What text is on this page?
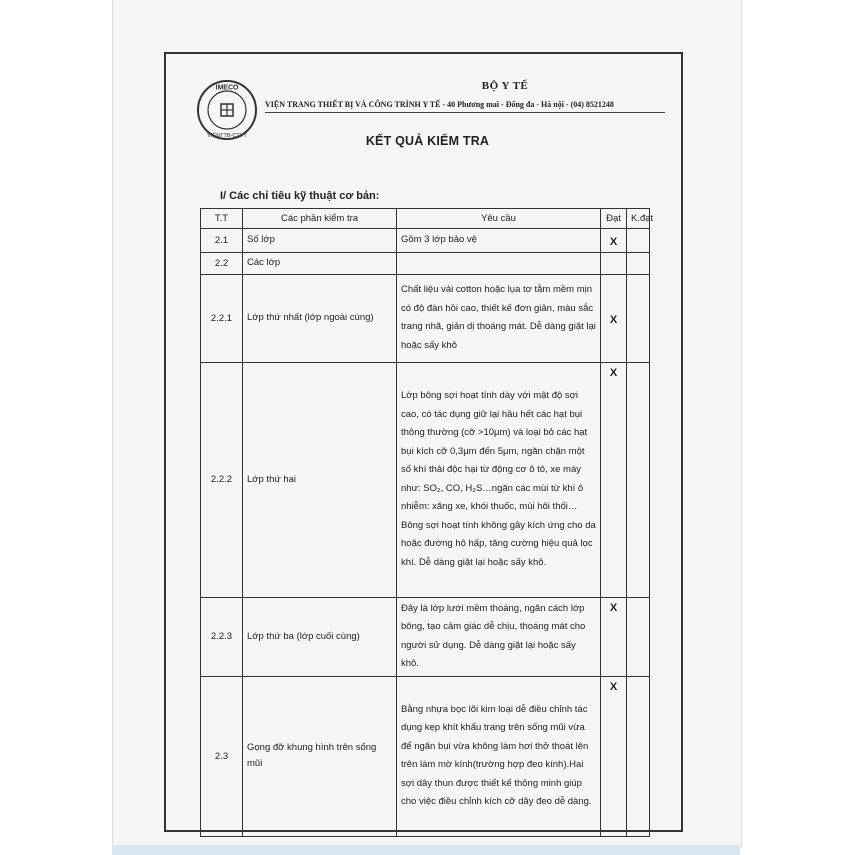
IMECO
VIỆNTTB-CTYT
BỘ Y TẾ
VIỆN TRANG THIẾT BỊ VÀ CÔNG TRÌNH Y TẾ - 40 Phương mai - Đống đa - Hà nội - (04) 8521248
KẾT QUẢ KIỂM TRA
I/ Các chỉ tiêu kỹ thuật cơ bản:
T.T	Các phần kiểm tra	Yêu cầu	Đạt	K.đạt
2.1	Số lớp	Gồm 3 lớp bảo vệ	X	
2.2	Các lớp			
2.2.1	Lớp thứ nhất (lớp ngoài cùng)	Chất liệu vải cotton hoặc lụa tơ tằm mềm mịn có độ đàn hồi cao, thiết kế đơn giản, màu sắc trang nhã, giản dị thoáng mát. Dễ dàng giặt lại hoặc sấy khô	X	
2.2.2	Lớp thứ hai	Lớp bông sợi hoạt tính dày với mật độ sợi cao, có tác dụng giữ lại hầu hết các hạt bụi thông thường (cỡ >10μm) và loại bỏ các hạt bụi kích cỡ 0,3μm đến 5μm, ngăn chặn một số khí thải độc hại từ động cơ ô tô, xe máy như: SO₂, CO, H₂S…ngăn các mùi từ khí ô nhiễm: xăng xe, khói thuốc, mùi hôi thối…Bông sợi hoạt tính không gây kích ứng cho da hoặc đường hô hấp, tăng cường hiệu quả lọc khí. Dễ dàng giặt lại hoặc sấy khô.	X	
2.2.3	Lớp thứ ba (lớp cuối cùng)	Đây là lớp lưới mềm thoáng, ngăn cách lớp bông, tạo cảm giác dễ chịu, thoáng mát cho người sử dụng. Dễ dàng giặt lại hoặc sấy khô.	X	
2.3	Gọng đỡ khung hình trên sống mũi	Bằng nhựa bọc lõi kim loại dễ điều chỉnh tác dụng kẹp khít khẩu trang trên sống mũi vừa để ngăn bụi vừa không làm hơi thở thoát lên trên làm mờ kính(trường hợp đeo kính).Hai sợi dây thun được thiết kế thông minh giúp cho việc điều chỉnh kích cỡ dây đeo dễ dàng.	X	
